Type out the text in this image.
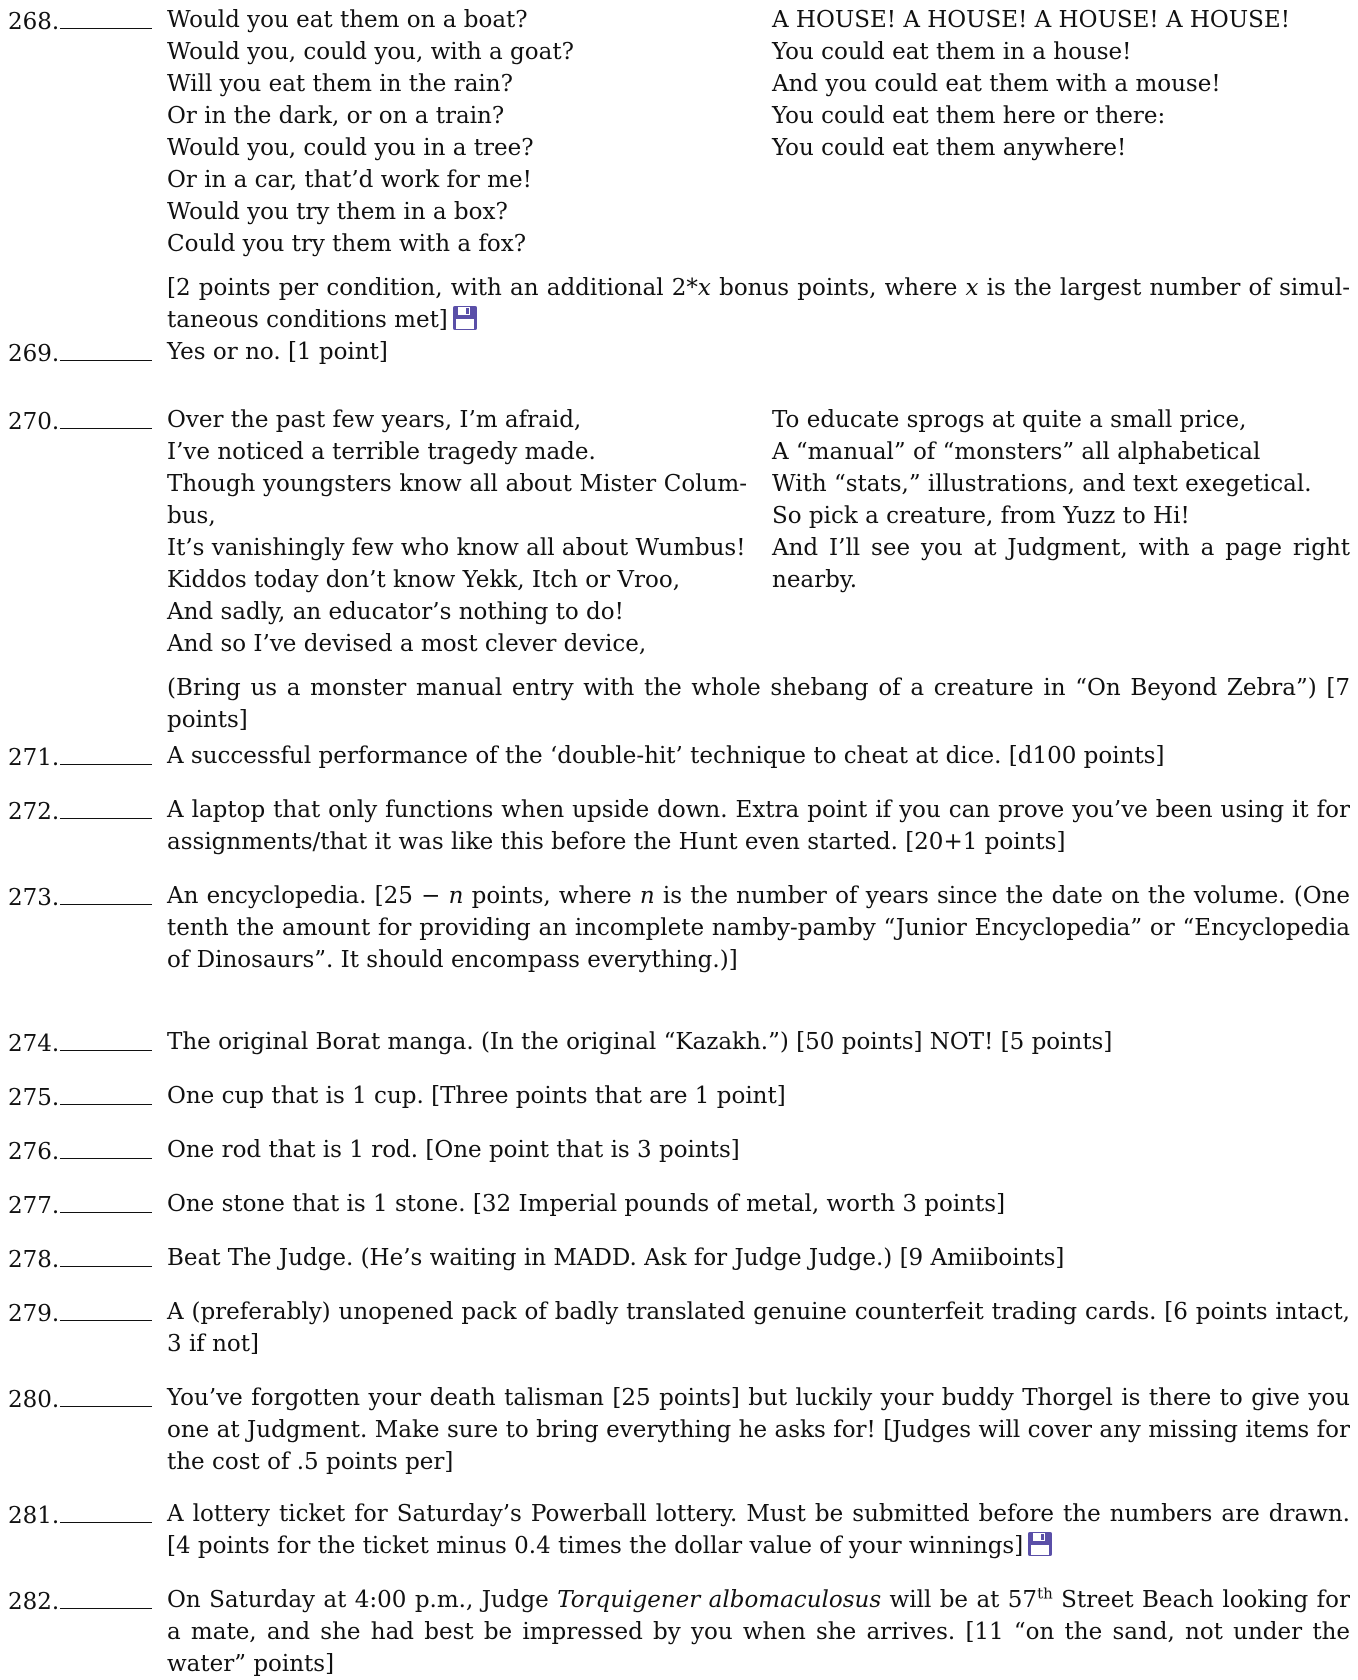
268.	Would you eat them on a boat?
Would you, could you, with a goat?
Will you eat them in the rain?
Or in the dark, or on a train?
Would you, could you in a tree?
Or in a car, that’d work for me!
Would you try them in a box?
Could you try them with a fox?
A HOUSE! A HOUSE! A HOUSE! A HOUSE!
You could eat them in a house!
And you could eat them with a mouse!
You could eat them here or there:
You could eat them anywhere!
[2 points per condition, with an additional 2*x bonus points, where x is the largest number of simultaneous conditions met]
269.	Yes or no. [1 point]
270.	Over the past few years, I’m afraid,
I’ve noticed a terrible tragedy made.
Though youngsters know all about Mister Colum-bus,
It’s vanishingly few who know all about Wumbus!
Kiddos today don’t know Yekk, Itch or Vroo,
And sadly, an educator’s nothing to do!
And so I’ve devised a most clever device,
To educate sprogs at quite a small price,
A “manual” of “monsters” all alphabetical
With “stats,” illustrations, and text exegetical.
So pick a creature, from Yuzz to Hi!
And I’ll see you at Judgment, with a page right nearby.
(Bring us a monster manual entry with the whole shebang of a creature in “On Beyond Zebra”) [7 points]
271.	A successful performance of the ‘double-hit’ technique to cheat at dice. [d100 points]
272.	A laptop that only functions when upside down. Extra point if you can prove you’ve been using it for assignments/that it was like this before the Hunt even started. [20+1 points]
273.	An encyclopedia. [25 − n points, where n is the number of years since the date on the volume. (One tenth the amount for providing an incomplete namby-pamby “Junior Encyclopedia” or “Encyclopedia of Dinosaurs”. It should encompass everything.)]
274.	The original Borat manga. (In the original “Kazakh.”) [50 points] NOT! [5 points]
275.	One cup that is 1 cup. [Three points that are 1 point]
276.	One rod that is 1 rod. [One point that is 3 points]
277.	One stone that is 1 stone. [32 Imperial pounds of metal, worth 3 points]
278.	Beat The Judge. (He’s waiting in MADD. Ask for Judge Judge.) [9 Amiiboints]
279.	A (preferably) unopened pack of badly translated genuine counterfeit trading cards. [6 points intact, 3 if not]
280.	You’ve forgotten your death talisman [25 points] but luckily your buddy Thorgel is there to give you one at Judgment. Make sure to bring everything he asks for! [Judges will cover any missing items for the cost of .5 points per]
281.	A lottery ticket for Saturday’s Powerball lottery. Must be submitted before the numbers are drawn. [4 points for the ticket minus 0.4 times the dollar value of your winnings]
282.	On Saturday at 4:00 p.m., Judge Torquigener albomaculosus will be at 57th Street Beach looking for a mate, and she had best be impressed by you when she arrives. [11 “on the sand, not under the water” points]
